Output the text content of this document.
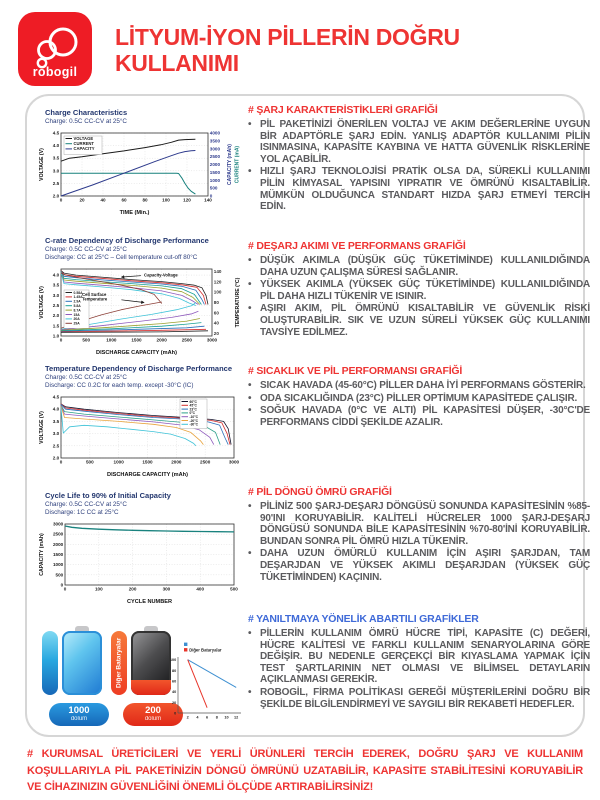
robogil
LİTYUM-İYON PİLLERİN DOĞRU
KULLANIMI
Charge Characteristics
Charge: 0.5C CC-CV at 25°C
0	20	40	60	80	100	120	140
2.0
2.5
3.0
3.5
4.0
4.5
0
500
1000
1500
2000
2500
3000
3500
4000
TIME (Min.)
VOLTAGE (V)	CAPACITY (mAh) CURRENT (mA)
VOLTAGE
CURRENT
CAPACITY
C-rate Dependency of Discharge Performance
Charge: 0.5C CC-CV at 25°C
Discharge: CC at 25°C – Cell temperature cut-off 80°C
0	500	1000	1500	2000	2500	3000
1.0
1.5
2.0
2.5
3.0
3.5
4.0
20
40
60
80
100
120
140
DISCHARGE CAPACITY (mAh)
VOLTAGE (V)	TEMPERATURE (°C)
0.58A
1.45A
2.9A
5.8A
8.7A
15A
20A
29A
Capacity-Voltage
Cell Surface
Temperature
Temperature Dependency of Discharge Performance
Charge: 0.5C CC-CV at 25°C
Discharge: CC 0.2C for each temp. except -30°C (IC)
0	500	1000	1500	2000	2500	3000
2.0
2.5
3.0
3.5
4.0
4.5
DISCHARGE CAPACITY (mAh)
VOLTAGE (V)
60°C
45°C
23°C
0°C
-10°C
-20°C
-30°C
Cycle Life to 90% of Initial Capacity
Charge: 0.5C CC-CV at 25°C
Discharge: 1C CC at 25°C
0	100	200	300	400	500
0
500
1000
1500
2000
2500
3000
CYCLE NUMBER
CAPACITY (mAh)
Diğer Bataryalar
1000
dolum
200
dolum	2 4 6 8 10 12
0
20
40
60
80
100
Diğer Bataryalar
# ŞARJ KARAKTERİSTİKLERİ GRAFİĞİ
• PİL PAKETİNİZİ ÖNERİLEN VOLTAJ VE AKIM DEĞERLERİNE UYGUN BİR ADAPTÖRLE ŞARJ EDİN. YANLIŞ ADAPTÖR KULLANIMI PİLİN ISINMASINA, KAPASİTE KAYBINA VE HATTA GÜVENLİK RİSKLERİNE YOL AÇABİLİR.
• HIZLI ŞARJ TEKNOLOJİSİ PRATİK OLSA DA, SÜREKLİ KULLANIMI PİLİN KİMYASAL YAPISINI YIPRATIR VE ÖMRÜNÜ KISALTABİLİR. MÜMKÜN OLDUĞUNCA STANDART HIZDA ŞARJ ETMEYİ TERCİH EDİN.
# DEŞARJ AKIMI VE PERFORMANS GRAFİĞİ
• DÜŞÜK AKIMLA (DÜŞÜK GÜÇ TÜKETİMİNDE) KULLANILDIĞINDA DAHA UZUN ÇALIŞMA SÜRESİ SAĞLANIR.
• YÜKSEK AKIMLA (YÜKSEK GÜÇ TÜKETİMİNDE) KULLANILDIĞINDA PİL DAHA HIZLI TÜKENİR VE ISINIR.
• AŞIRI AKIM, PİL ÖMRÜNÜ KISALTABİLİR VE GÜVENLİK RİSKİ OLUŞTURABİLİR. SIK VE UZUN SÜRELİ YÜKSEK GÜÇ KULLANIMI TAVSİYE EDİLMEZ.
# SICAKLIK VE PİL PERFORMANSI GRAFİĞİ
• SICAK HAVADA (45-60°C) PİLLER DAHA İYİ PERFORMANS GÖSTERİR.
• ODA SICAKLIĞINDA (23°C) PİLLER OPTİMUM KAPASİTEDE ÇALIŞIR.
• SOĞUK HAVADA (0°C VE ALTI) PİL KAPASİTESİ DÜŞER, -30°C'DE PERFORMANS CİDDİ ŞEKİLDE AZALIR.
# PİL DÖNGÜ ÖMRÜ GRAFİĞİ
• PİLİNİZ 500 ŞARJ-DEŞARJ DÖNGÜSÜ SONUNDA KAPASİTESİNİN %85-90'INI KORUYABİLİR. KALİTELİ HÜCRELER 1000 ŞARJ-DEŞARJ DÖNGÜSÜ SONUNDA BİLE KAPASİTESİNİN %70-80'İNİ KORUYABİLİR. BUNDAN SONRA PİL ÖMRÜ HIZLA TÜKENİR.
• DAHA UZUN ÖMÜRLÜ KULLANIM İÇİN AŞIRI ŞARJDAN, TAM DEŞARJDAN VE YÜKSEK AKIMLI DEŞARJDAN (YÜKSEK GÜÇ TÜKETİMİNDEN) KAÇININ.
# YANILTMAYA YÖNELİK ABARTILI GRAFİKLER
• PİLLERİN KULLANIM ÖMRÜ HÜCRE TİPİ, KAPASİTE (C) DEĞERİ, HÜCRE KALİTESİ VE FARKLI KULLANIM SENARYOLARINA GÖRE DEĞİŞİR. BU NEDENLE GERÇEKÇİ BİR KIYASLAMA YAPMAK İÇİN TEST ŞARTLARININ NET OLMASI VE BİLİMSEL DETAYLARIN AÇIKLANMASI GEREKİR.
• ROBOGİL, FİRMA POLİTİKASI GEREĞİ MÜŞTERİLERİNİ DOĞRU BİR ŞEKİLDE BİLGİLENDİRMEYİ VE SAYGILI BİR REKABETİ HEDEFLER.
# KURUMSAL ÜRETİCİLERİ VE YERLİ ÜRÜNLERİ TERCİH EDEREK, DOĞRU ŞARJ VE KULLANIM KOŞULLARIYLA PİL PAKETİNİZİN DÖNGÜ ÖMRÜNÜ UZATABİLİR, KAPASİTE STABİLİTESİNİ KORUYABİLİR VE CİHAZINIZIN GÜVENLİĞİNİ ÖNEMLİ ÖLÇÜDE ARTIRABİLİRSİNİZ!
